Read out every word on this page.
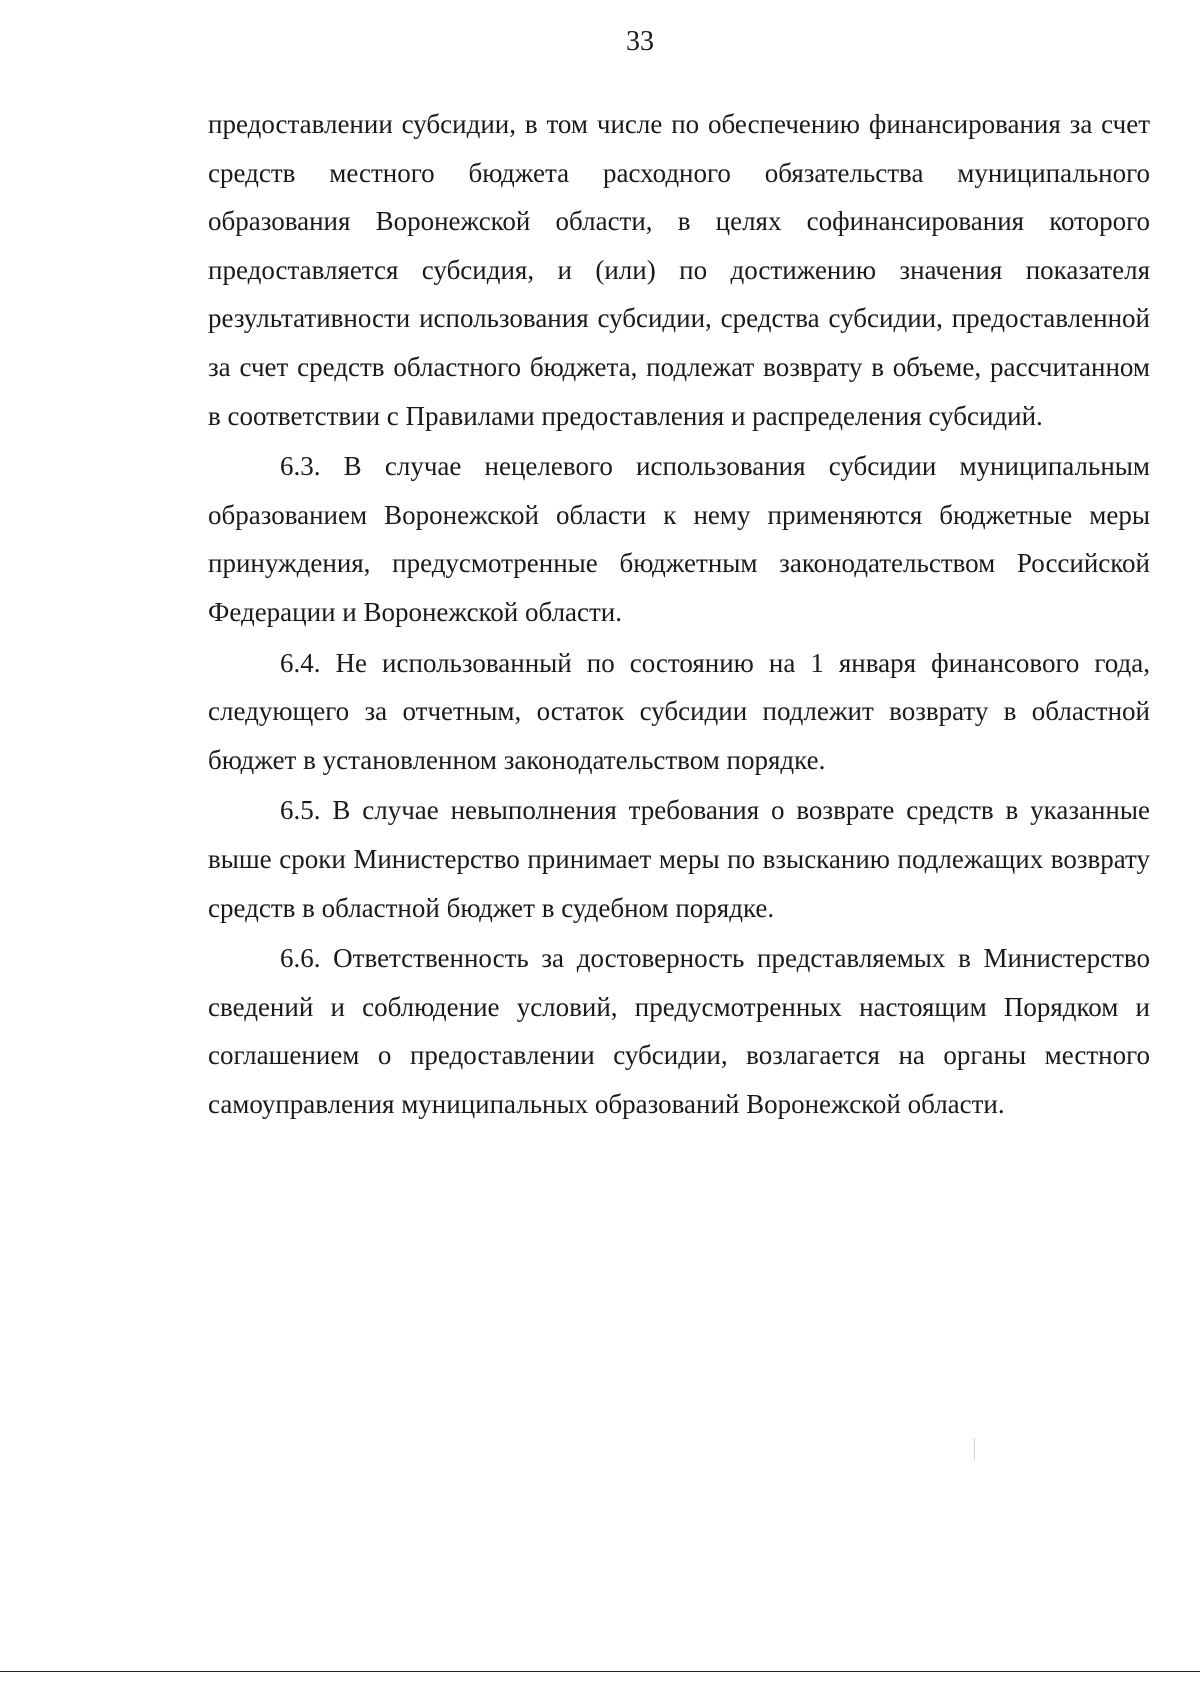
33

предоставлении субсидии, в том числе по обеспечению финансирования за счет средств местного бюджета расходного обязательства муниципального образования Воронежской области, в целях софинансирования которого предоставляется субсидия, и (или) по достижению значения показателя результативности использования субсидии, средства субсидии, предоставленной за счет средств областного бюджета, подлежат возврату в объеме, рассчитанном в соответствии с Правилами предоставления и распределения субсидий.

6.3. В случае нецелевого использования субсидии муниципальным образованием Воронежской области к нему применяются бюджетные меры принуждения, предусмотренные бюджетным законодательством Российской Федерации и Воронежской области.

6.4. Не использованный по состоянию на 1 января финансового года, следующего за отчетным, остаток субсидии подлежит возврату в областной бюджет в установленном законодательством порядке.

6.5. В случае невыполнения требования о возврате средств в указанные выше сроки Министерство принимает меры по взысканию подлежащих возврату средств в областной бюджет в судебном порядке.

6.6. Ответственность за достоверность представляемых в Министерство сведений и соблюдение условий, предусмотренных настоящим Порядком и соглашением о предоставлении субсидии, возлагается на органы местного самоуправления муниципальных образований Воронежской области.
